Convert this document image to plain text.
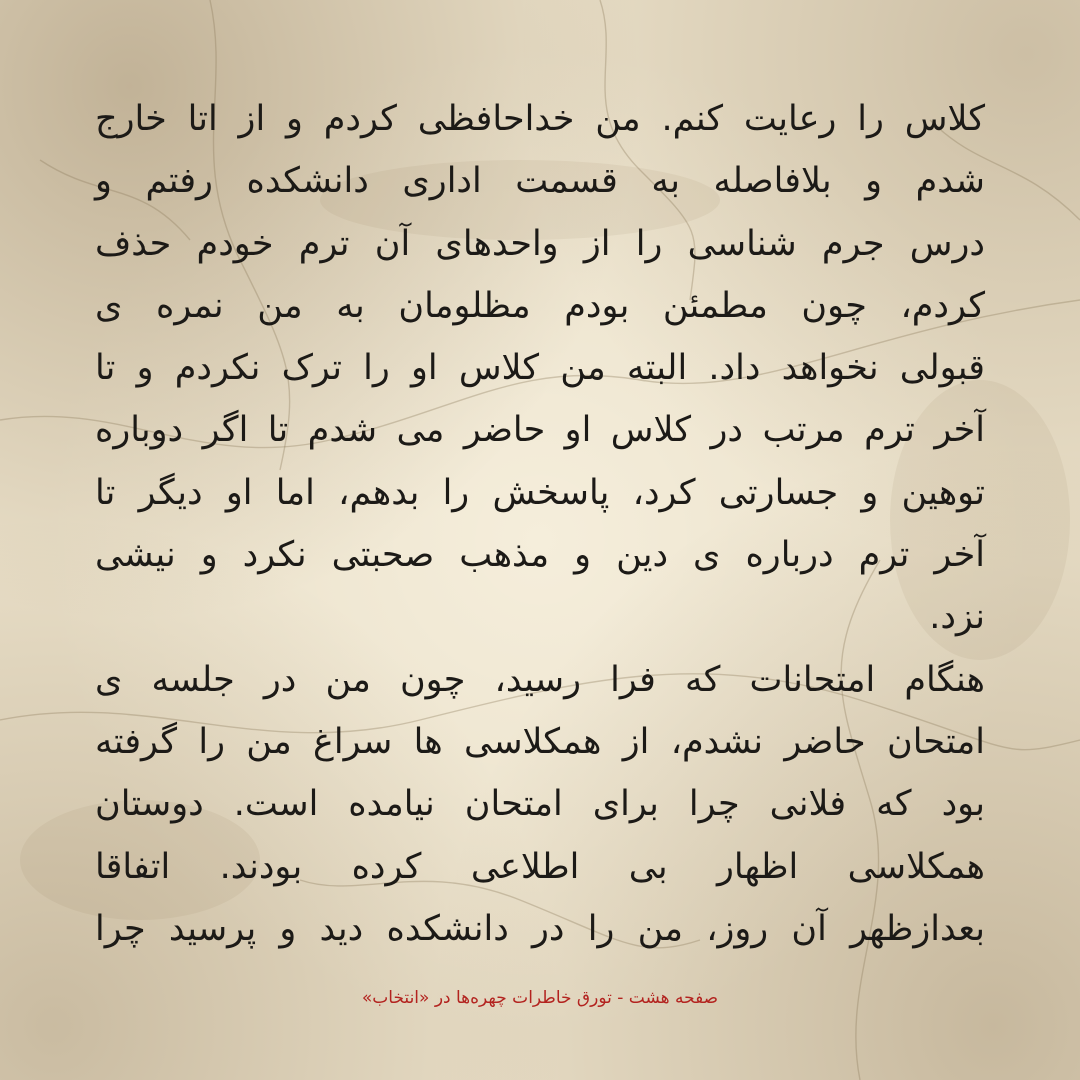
کلاس را رعایت کنم. من خداحافظی کردم و از اتا خارج
شدم و بلافاصله به قسمت اداری دانشکده رفتم و
درس جرم شناسی را از واحدهای آن ترم خودم حذف
کردم، چون مطمئن بودم مظلومان به من نمره ی
قبولی نخواهد داد. البته من کلاس او را ترک نکردم و تا
آخر ترم مرتب در کلاس او حاضر می شدم تا اگر دوباره
توهین و جسارتی کرد، پاسخش را بدهم، اما او دیگر تا
آخر ترم درباره ی دین و مذهب صحبتی نکرد و نیشی
نزد.
هنگام امتحانات که فرا رسید، چون من در جلسه ی
امتحان حاضر نشدم، از همکلاسی ها سراغ من را گرفته
بود که فلانی چرا برای امتحان نیامده است. دوستان
همکلاسی اظهار بی اطلاعی کرده بودند. اتفاقا
بعدازظهر آن روز، من را در دانشکده دید و پرسید چرا
صفحه هشت - تورق خاطرات چهره‌ها در «انتخاب»
